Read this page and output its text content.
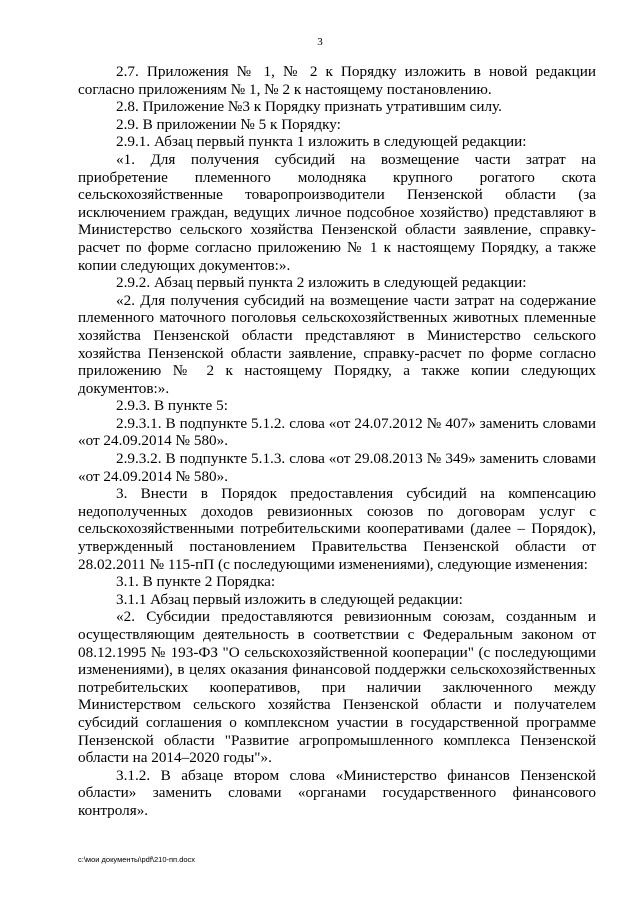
3

2.7. Приложения № 1, № 2 к Порядку изложить в новой редакции согласно приложениям № 1, № 2 к настоящему постановлению.

2.8. Приложение №3 к Порядку признать утратившим силу.

2.9. В приложении № 5 к Порядку:

2.9.1. Абзац первый пункта 1 изложить в следующей редакции:

«1. Для получения субсидий на возмещение части затрат на приобретение племенного молодняка крупного рогатого скота сельскохозяйственные товаропроизводители Пензенской области (за исключением граждан, ведущих личное подсобное хозяйство) представляют в Министерство сельского хозяйства Пензенской области заявление, справку-расчет по форме согласно приложению № 1 к настоящему Порядку, а также копии следующих документов:».

2.9.2. Абзац первый пункта 2 изложить в следующей редакции:

«2. Для получения субсидий на возмещение части затрат на содержание племенного маточного поголовья сельскохозяйственных животных племенные хозяйства Пензенской области представляют в Министерство сельского хозяйства Пензенской области заявление, справку-расчет по форме согласно приложению № 2 к настоящему Порядку, а также копии следующих документов:».

2.9.3. В пункте 5:

2.9.3.1. В подпункте 5.1.2. слова «от 24.07.2012 № 407» заменить словами «от 24.09.2014 № 580».

2.9.3.2. В подпункте 5.1.3. слова «от 29.08.2013 № 349» заменить словами «от 24.09.2014 № 580».

3. Внести в Порядок предоставления субсидий на компенсацию недополученных доходов ревизионных союзов по договорам услуг с сельскохозяйственными потребительскими кооперативами (далее – Порядок), утвержденный постановлением Правительства Пензенской области от 28.02.2011 № 115-пП (с последующими изменениями), следующие изменения:

3.1. В пункте 2 Порядка:

3.1.1 Абзац первый изложить в следующей редакции:

«2. Субсидии предоставляются ревизионным союзам, созданным и осуществляющим деятельность в соответствии с Федеральным законом от 08.12.1995 № 193-ФЗ "О сельскохозяйственной кооперации" (с последующими изменениями), в целях оказания финансовой поддержки сельскохозяйственных потребительских кооперативов, при наличии заключенного между Министерством сельского хозяйства Пензенской области и получателем субсидий соглашения о комплексном участии в государственной программе Пензенской области "Развитие агропромышленного комплекса Пензенской области на 2014–2020 годы"».

3.1.2. В абзаце втором слова «Министерство финансов Пензенской области» заменить словами «органами государственного финансового контроля».

c:\мои документы\pdf\210-пп.docx
